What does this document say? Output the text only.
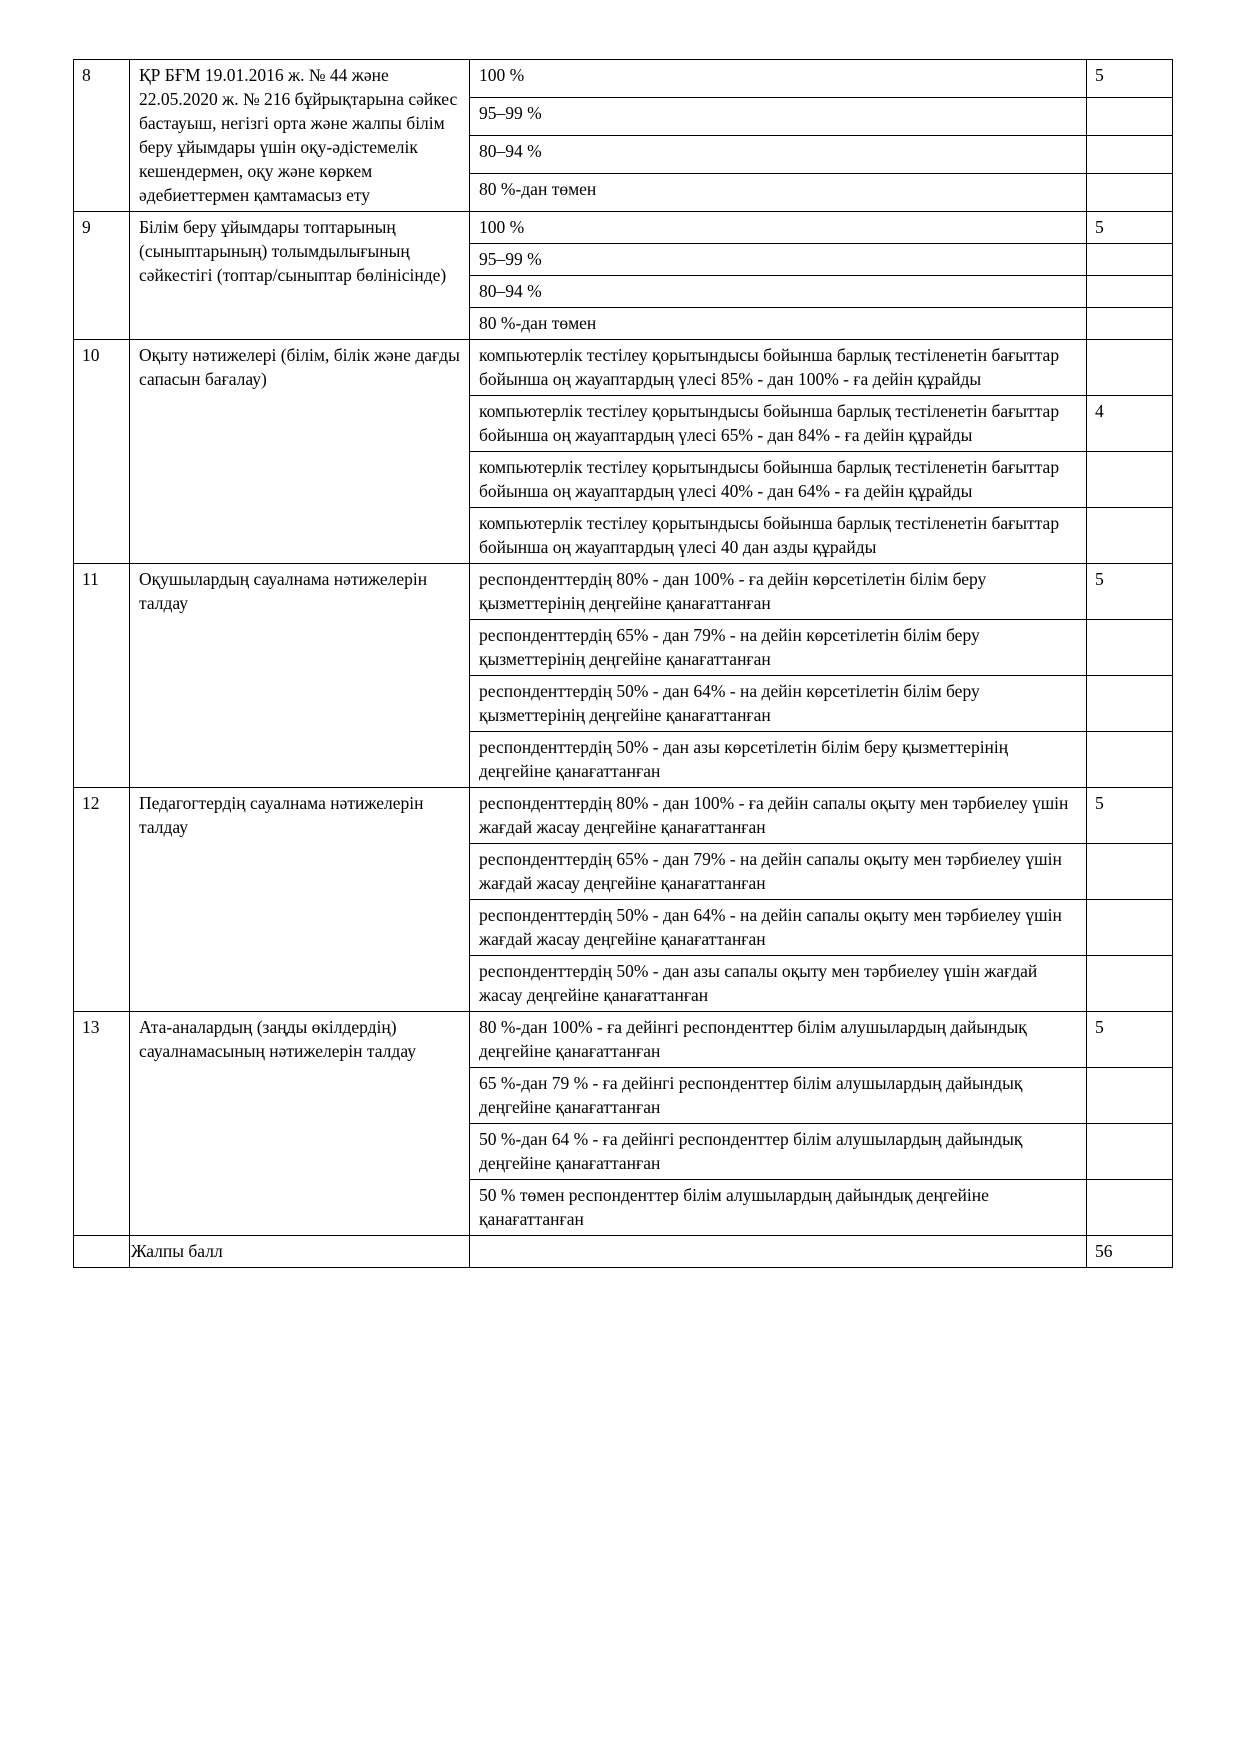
8	ҚР БҒМ 19.01.2016 ж. № 44 және 22.05.2020 ж. № 216 бұйрықтарына сәйкес бастауыш, негізгі орта және жалпы білім беру ұйымдары үшін оқу-әдістемелік кешендермен, оқу және көркем әдебиеттермен қамтамасыз ету	100 %	5
		95–99 %	
		80–94 %	
		80 %-дан төмен	
9	Білім беру ұйымдары топтарының (сыныптарының) толымдылығының сәйкестігі (топтар/сыныптар бөлінісінде)	100 %	5
		95–99 %	
		80–94 %	
		80 %-дан төмен	
10	Оқыту нәтижелері (білім, білік және дағды сапасын бағалау)	компьютерлік тестілеу қорытындысы бойынша барлық тестіленетін бағыттар бойынша оң жауаптардың үлесі 85% - дан 100% - ға дейін құрайды	
		компьютерлік тестілеу қорытындысы бойынша барлық тестіленетін бағыттар бойынша оң жауаптардың үлесі 65% - дан 84% - ға дейін құрайды	4
		компьютерлік тестілеу қорытындысы бойынша барлық тестіленетін бағыттар бойынша оң жауаптардың үлесі 40% - дан 64% - ға дейін құрайды	
		компьютерлік тестілеу қорытындысы бойынша барлық тестіленетін бағыттар бойынша оң жауаптардың үлесі 40 дан азды құрайды	
11	Оқушылардың сауалнама нәтижелерін талдау	респонденттердің 80% - дан 100% - ға дейін көрсетілетін білім беру қызметтерінің деңгейіне қанағаттанған	5
		респонденттердің 65% - дан 79% - на дейін көрсетілетін білім беру қызметтерінің деңгейіне қанағаттанған	
		респонденттердің 50% - дан 64% - на дейін көрсетілетін білім беру қызметтерінің деңгейіне қанағаттанған	
		респонденттердің 50% - дан азы көрсетілетін білім беру қызметтерінің деңгейіне қанағаттанған	
12	Педагогтердің сауалнама нәтижелерін талдау	респонденттердің 80% - дан 100% - ға дейін сапалы оқыту мен тәрбиелеу үшін жағдай жасау деңгейіне қанағаттанған	5
		респонденттердің 65% - дан 79% - на дейін сапалы оқыту мен тәрбиелеу үшін жағдай жасау деңгейіне қанағаттанған	
		респонденттердің 50% - дан 64% - на дейін сапалы оқыту мен тәрбиелеу үшін жағдай жасау деңгейіне қанағаттанған	
		респонденттердің 50% - дан азы сапалы оқыту мен тәрбиелеу үшін жағдай жасау деңгейіне қанағаттанған	
13	Ата-аналардың (заңды өкілдердің) сауалнамасының нәтижелерін талдау	80 %-дан 100% - ға дейінгі респонденттер білім алушылардың дайындық деңгейіне қанағаттанған	5
		65 %-дан 79 % - ға дейінгі респонденттер білім алушылардың дайындық деңгейіне қанағаттанған	
		50 %-дан 64 % - ға дейінгі респонденттер білім алушылардың дайындық деңгейіне қанағаттанған	
		50 % төмен респонденттер білім алушылардың дайындық деңгейіне қанағаттанған	
	Жалпы балл		56
